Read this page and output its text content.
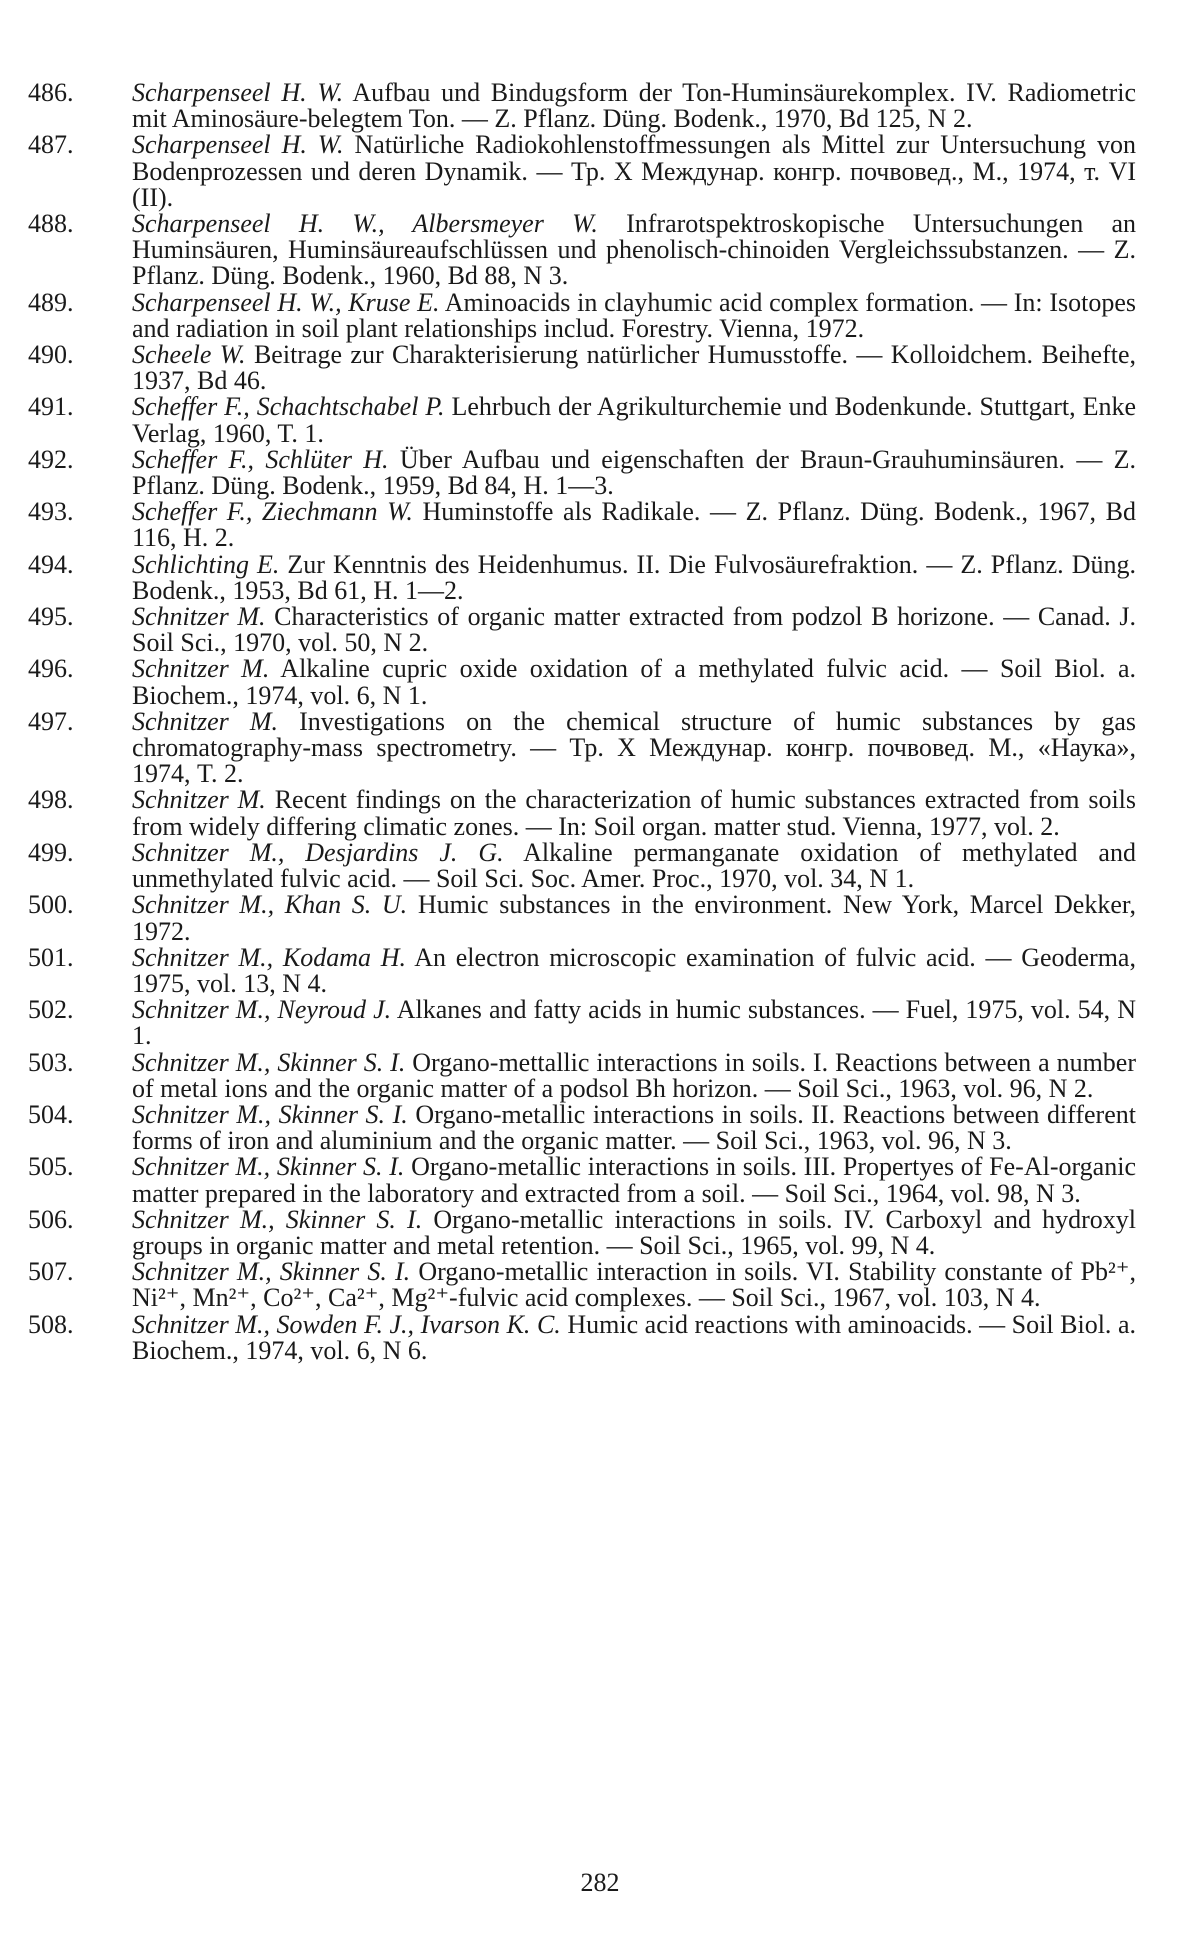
486.	Scharpenseel H. W. Aufbau und Bindugsform der Ton-Huminsäurekomplex. IV. Radiometric mit Aminosäure-belegtem Ton. — Z. Pflanz. Düng. Bodenk., 1970, Bd 125, N 2.
487.	Scharpenseel H. W. Natürliche Radiokohlenstoffmessungen als Mittel zur Untersuchung von Bodenprozessen und deren Dynamik. — Тр. X Междунар. конгр. почвовед., М., 1974, т. VI (II).
488.	Scharpenseel H. W., Albersmeyer W. Infrarotspektroskopische Untersuchungen an Huminsäuren, Huminsäureaufschlüssen und phenolisch-chinoiden Vergleichssubstanzen. — Z. Pflanz. Düng. Bodenk., 1960, Bd 88, N 3.
489.	Scharpenseel H. W., Kruse E. Aminoacids in clayhumic acid complex formation. — In: Isotopes and radiation in soil plant relationships includ. Forestry. Vienna, 1972.
490.	Scheele W. Beitrage zur Charakterisierung natürlicher Humusstoffe. — Kolloidchem. Beihefte, 1937, Bd 46.
491.	Scheffer F., Schachtschabel P. Lehrbuch der Agrikulturchemie und Bodenkunde. Stuttgart, Enke Verlag, 1960, T. 1.
492.	Scheffer F., Schlüter H. Über Aufbau und eigenschaften der Braun-Grauhuminsäuren. — Z. Pflanz. Düng. Bodenk., 1959, Bd 84, H. 1—3.
493.	Scheffer F., Ziechmann W. Huminstoffe als Radikale. — Z. Pflanz. Düng. Bodenk., 1967, Bd 116, H. 2.
494.	Schlichting E. Zur Kenntnis des Heidenhumus. II. Die Fulvosäurefraktion. — Z. Pflanz. Düng. Bodenk., 1953, Bd 61, H. 1—2.
495.	Schnitzer M. Characteristics of organic matter extracted from podzol B horizone. — Canad. J. Soil Sci., 1970, vol. 50, N 2.
496.	Schnitzer M. Alkaline cupric oxide oxidation of a methylated fulvic acid. — Soil Biol. a. Biochem., 1974, vol. 6, N 1.
497.	Schnitzer M. Investigations on the chemical structure of humic substances by gas chromatography-mass spectrometry. — Тр. X Междунар. конгр. почвовед. М., «Наука», 1974, T. 2.
498.	Schnitzer M. Recent findings on the characterization of humic substances extracted from soils from widely differing climatic zones. — In: Soil organ. matter stud. Vienna, 1977, vol. 2.
499.	Schnitzer M., Desjardins J. G. Alkaline permanganate oxidation of methylated and unmethylated fulvic acid. — Soil Sci. Soc. Amer. Proc., 1970, vol. 34, N 1.
500.	Schnitzer M., Khan S. U. Humic substances in the environment. New York, Marcel Dekker, 1972.
501.	Schnitzer M., Kodama H. An electron microscopic examination of fulvic acid. — Geoderma, 1975, vol. 13, N 4.
502.	Schnitzer M., Neyroud J. Alkanes and fatty acids in humic substances. — Fuel, 1975, vol. 54, N 1.
503.	Schnitzer M., Skinner S. I. Organo-mettallic interactions in soils. I. Reactions between a number of metal ions and the organic matter of a podsol Bh horizon. — Soil Sci., 1963, vol. 96, N 2.
504.	Schnitzer M., Skinner S. I. Organo-metallic interactions in soils. II. Reactions between different forms of iron and aluminium and the organic matter. — Soil Sci., 1963, vol. 96, N 3.
505.	Schnitzer M., Skinner S. I. Organo-metallic interactions in soils. III. Propertyes of Fe-Al-organic matter prepared in the laboratory and extracted from a soil. — Soil Sci., 1964, vol. 98, N 3.
506.	Schnitzer M., Skinner S. I. Organo-metallic interactions in soils. IV. Carboxyl and hydroxyl groups in organic matter and metal retention. — Soil Sci., 1965, vol. 99, N 4.
507.	Schnitzer M., Skinner S. I. Organo-metallic interaction in soils. VI. Stability constante of Pb²⁺, Ni²⁺, Mn²⁺, Co²⁺, Ca²⁺, Mg²⁺-fulvic acid complexes. — Soil Sci., 1967, vol. 103, N 4.
508.	Schnitzer M., Sowden F. J., Ivarson K. C. Humic acid reactions with aminoacids. — Soil Biol. a. Biochem., 1974, vol. 6, N 6.
282
